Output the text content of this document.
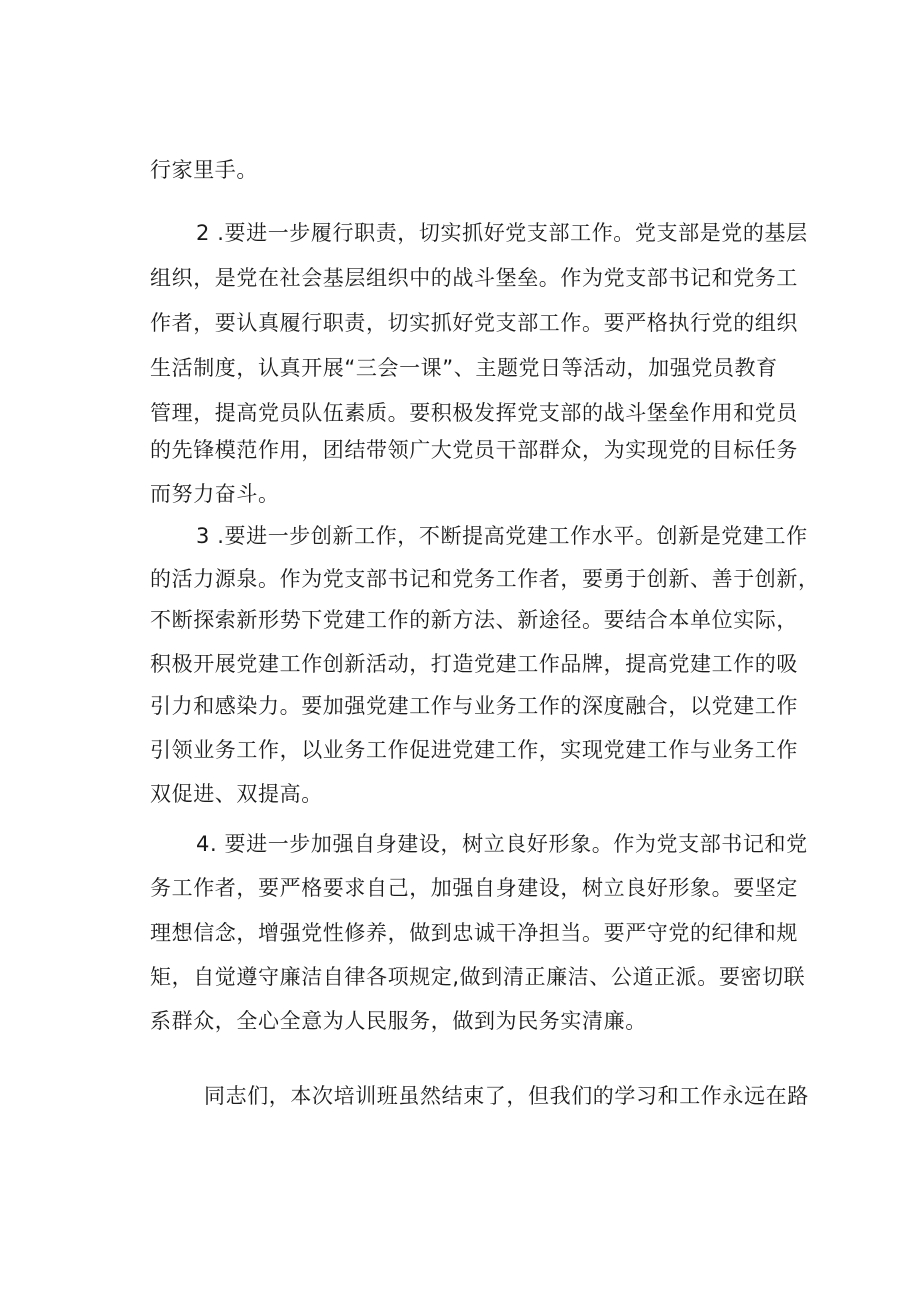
行家里手。
2 .要进一步履行职责，切实抓好党支部工作。党支部是党的基层
组织，是党在社会基层组织中的战斗堡垒。作为党支部书记和党务工
作者，要认真履行职责，切实抓好党支部工作。要严格执行党的组织
生活制度，认真开展“三会一课”、主题党日等活动，加强党员教育
管理，提高党员队伍素质。要积极发挥党支部的战斗堡垒作用和党员
的先锋模范作用，团结带领广大党员干部群众，为实现党的目标任务
而努力奋斗。
3 .要进一步创新工作，不断提高党建工作水平。创新是党建工作
的活力源泉。作为党支部书记和党务工作者，要勇于创新、善于创新，
不断探索新形势下党建工作的新方法、新途径。要结合本单位实际，
积极开展党建工作创新活动，打造党建工作品牌，提高党建工作的吸
引力和感染力。要加强党建工作与业务工作的深度融合，以党建工作
引领业务工作，以业务工作促进党建工作，实现党建工作与业务工作
双促进、双提高。
4. 要进一步加强自身建设，树立良好形象。作为党支部书记和党
务工作者，要严格要求自己，加强自身建设，树立良好形象。要坚定
理想信念，增强党性修养，做到忠诚干净担当。要严守党的纪律和规
矩，自觉遵守廉洁自律各项规定,做到清正廉洁、公道正派。要密切联
系群众，全心全意为人民服务，做到为民务实清廉。
同志们，本次培训班虽然结束了，但我们的学习和工作永远在路
